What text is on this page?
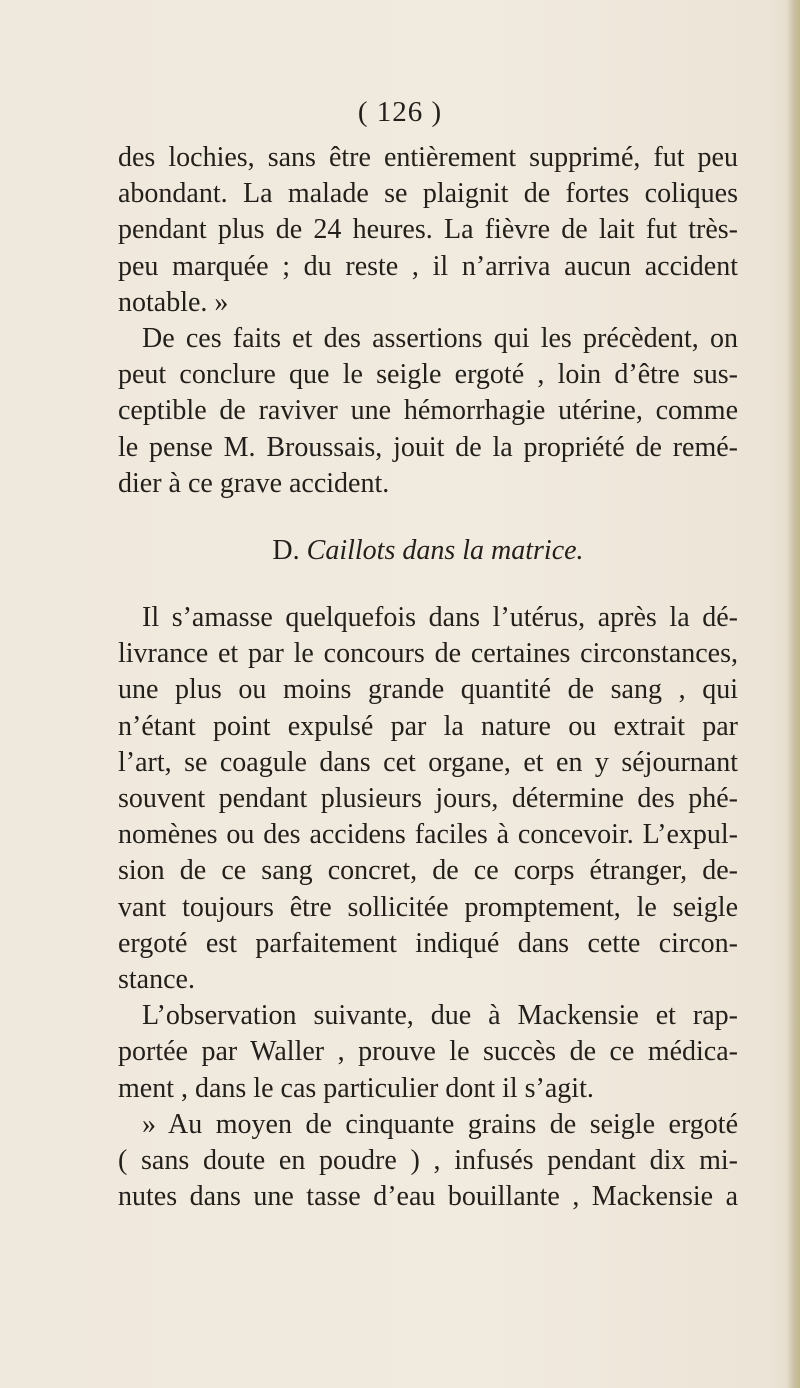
( 126 )
des lochies, sans être entièrement supprimé, fut peu
abondant. La malade se plaignit de fortes coliques
pendant plus de 24 heures. La fièvre de lait fut très-
peu marquée ; du reste , il n’arriva aucun accident
notable. »
De ces faits et des assertions qui les précèdent, on
peut conclure que le seigle ergoté , loin d’être sus-
ceptible de raviver une hémorrhagie utérine, comme
le pense M. Broussais, jouit de la propriété de remé-
dier à ce grave accident.
D. Caillots dans la matrice.
Il s’amasse quelquefois dans l’utérus, après la dé-
livrance et par le concours de certaines circonstances,
une plus ou moins grande quantité de sang , qui
n’étant point expulsé par la nature ou extrait par
l’art, se coagule dans cet organe, et en y séjournant
souvent pendant plusieurs jours, détermine des phé-
nomènes ou des accidens faciles à concevoir. L’expul-
sion de ce sang concret, de ce corps étranger, de-
vant toujours être sollicitée promptement, le seigle
ergoté est parfaitement indiqué dans cette circon-
stance.
L’observation suivante, due à Mackensie et rap-
portée par Waller , prouve le succès de ce médica-
ment , dans le cas particulier dont il s’agit.
» Au moyen de cinquante grains de seigle ergoté
( sans doute en poudre ) , infusés pendant dix mi-
nutes dans une tasse d’eau bouillante , Mackensie a
